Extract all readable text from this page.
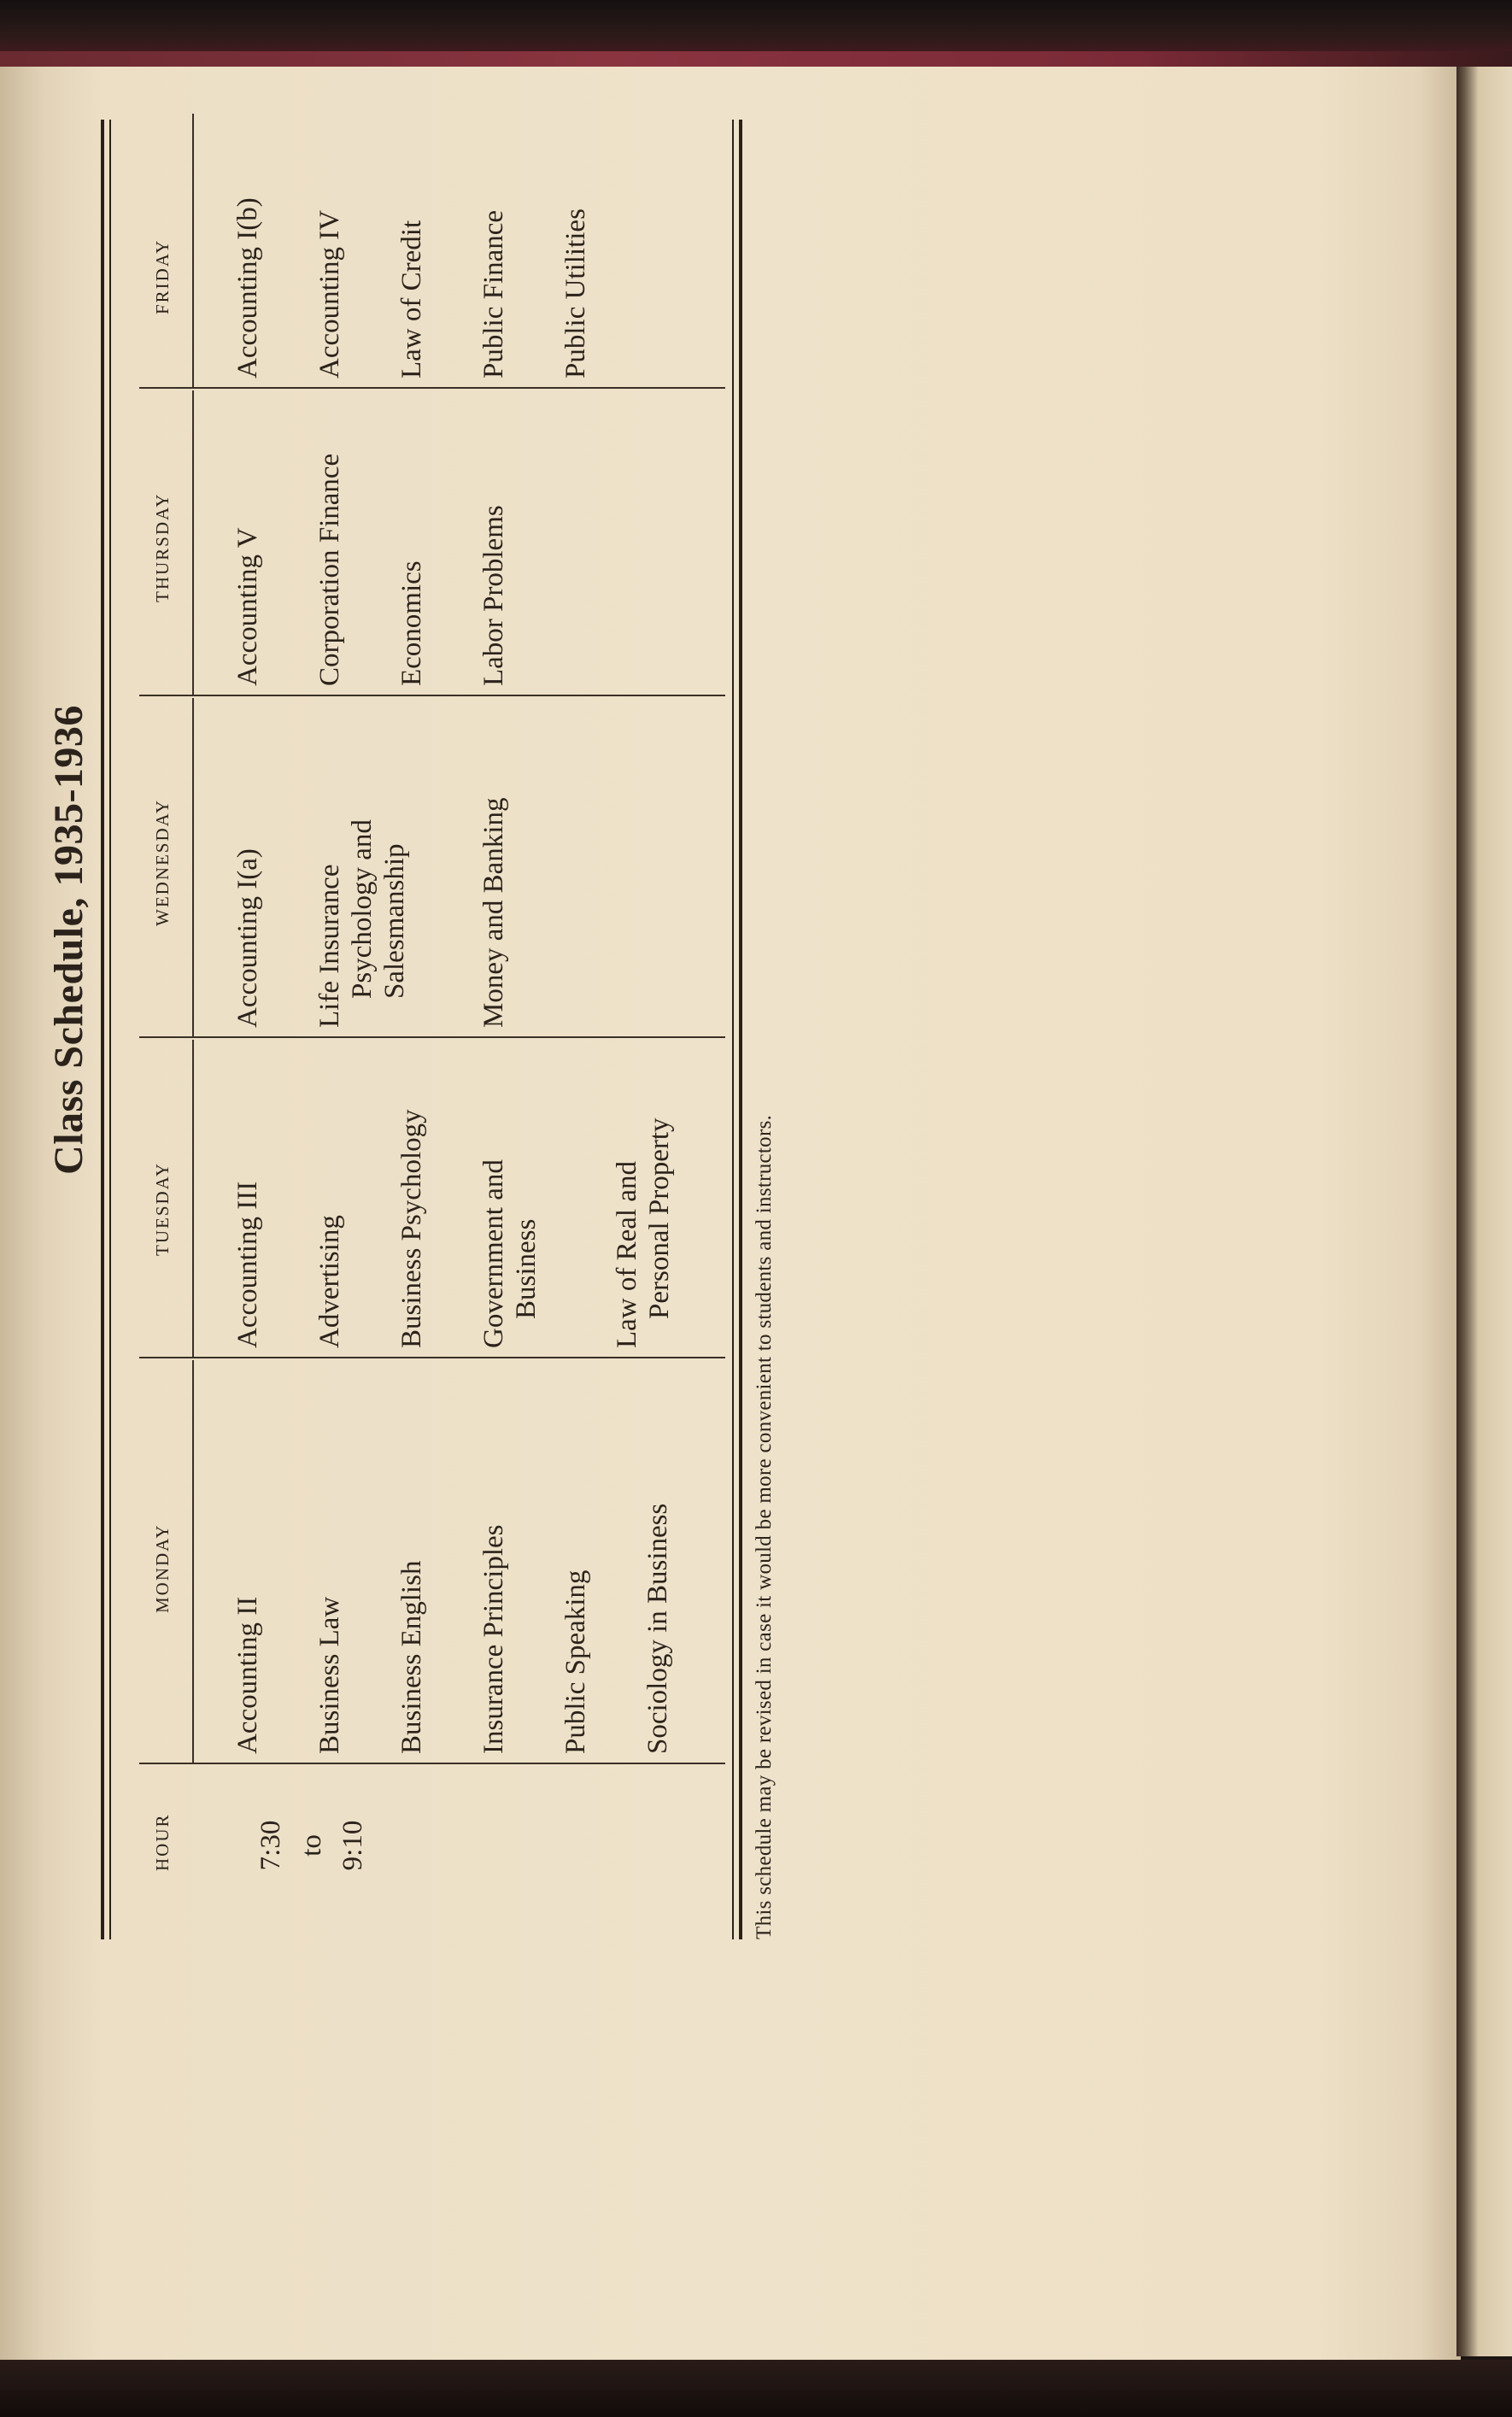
Class Schedule, 1935-1936
HOUR
MONDAY
TUESDAY
WEDNESDAY
THURSDAY
FRIDAY
7:30 to 9:10
Accounting II Business Law Business English Insurance Principles Public Speaking Sociology in Business
Accounting III Advertising Business Psychology Government and Business Law of Real and Personal Property
Accounting I(a) Life Insurance Psychology and Salesmanship Money and Banking
Accounting V Corporation Finance Economics Labor Problems
Accounting I(b) Accounting IV Law of Credit Public Finance Public Utilities
This schedule may be revised in case it would be more convenient to students and instructors.
